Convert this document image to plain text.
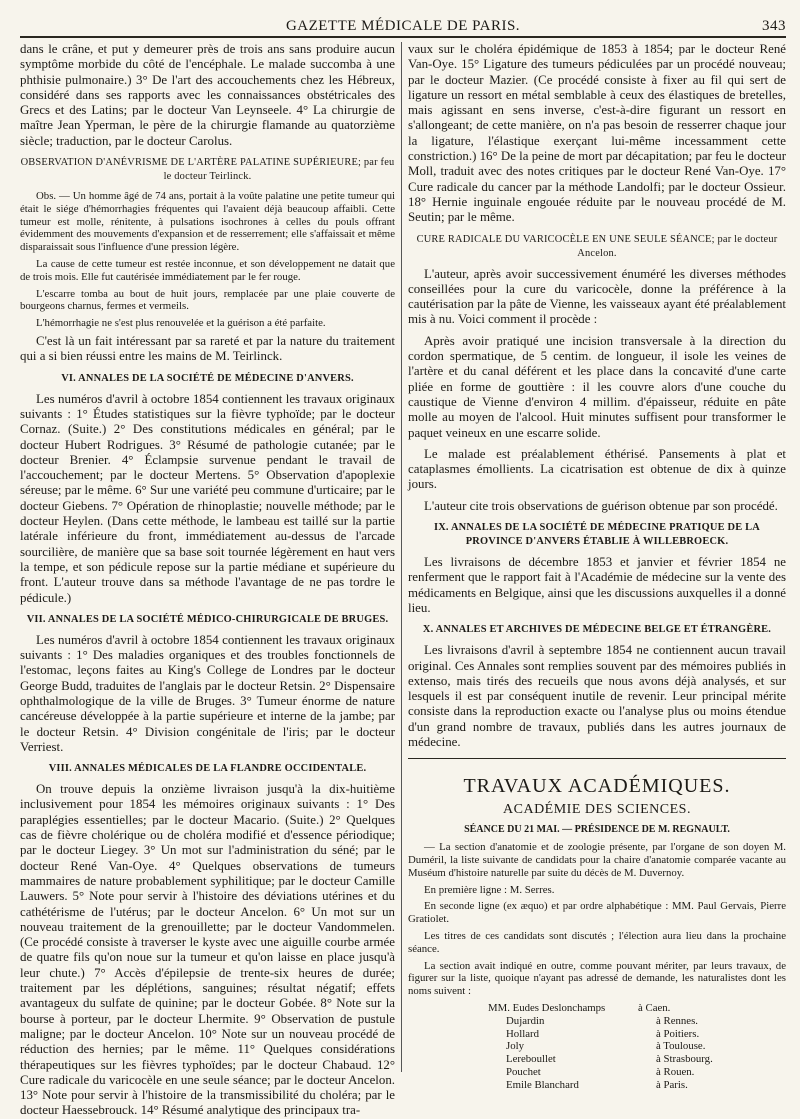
GAZETTE MÉDICALE DE PARIS.	343

dans le crâne, et put y demeurer près de trois ans sans produire aucun symptôme morbide du côté de l'encéphale. Le malade succomba à une phthisie pulmonaire.) 3° De l'art des accouchements chez les Hébreux, considéré dans ses rapports avec les connaissances obstétricales des Grecs et des Latins; par le docteur Van Leynseele. 4° La chirurgie de maître Jean Yperman, le père de la chirurgie flamande au quatorzième siècle; traduction, par le docteur Carolus.

OBSERVATION D'ANÉVRISME DE L'ARTÈRE PALATINE SUPÉRIEURE; par feu le docteur Teirlinck.

Obs. — Un homme âgé de 74 ans, portait à la voûte palatine une petite tumeur qui était le siége d'hémorrhagies fréquentes qui l'avaient déjà beaucoup affaibli. Cette tumeur est molle, rénitente, à pulsations isochrones à celles du pouls offrant évidemment des mouvements d'expansion et de resserrement; elle s'affaissait et même disparaissait sous l'influence d'une pression légère.

La cause de cette tumeur est restée inconnue, et son développement ne datait que de trois mois. Elle fut cautérisée immédiatement par le fer rouge.

L'escarre tomba au bout de huit jours, remplacée par une plaie couverte de bourgeons charnus, fermes et vermeils.

L'hémorrhagie ne s'est plus renouvelée et la guérison a été parfaite.

C'est là un fait intéressant par sa rareté et par la nature du traitement qui a si bien réussi entre les mains de M. Teirlinck.

VI. ANNALES DE LA SOCIÉTÉ DE MÉDECINE D'ANVERS.

Les numéros d'avril à octobre 1854 contiennent les travaux originaux suivants : 1° Études statistiques sur la fièvre typhoïde; par le docteur Cornaz. (Suite.) 2° Des constitutions médicales en général; par le docteur Hubert Rodrigues. 3° Résumé de pathologie cutanée; par le docteur Brenier. 4° Éclampsie survenue pendant le travail de l'accouchement; par le docteur Mertens. 5° Observation d'apoplexie séreuse; par le même. 6° Sur une variété peu commune d'urticaire; par le docteur Giebens. 7° Opération de rhinoplastie; nouvelle méthode; par le docteur Heylen. (Dans cette méthode, le lambeau est taillé sur la partie latérale inférieure du front, immédiatement au-dessus de l'arcade sourcilière, de manière que sa base soit tournée légèrement en haut vers la tempe, et son pédicule repose sur la partie médiane et supérieure du front. L'auteur trouve dans sa méthode l'avantage de ne pas tordre le pédicule.)

VII. ANNALES DE LA SOCIÉTÉ MÉDICO-CHIRURGICALE DE BRUGES.

Les numéros d'avril à octobre 1854 contiennent les travaux originaux suivants : 1° Des maladies organiques et des troubles fonctionnels de l'estomac, leçons faites au King's College de Londres par le docteur George Budd, traduites de l'anglais par le docteur Retsin. 2° Dispensaire ophthalmologique de la ville de Bruges. 3° Tumeur énorme de nature cancéreuse développée à la partie supérieure et interne de la jambe; par le docteur Retsin. 4° Division congénitale de l'iris; par le docteur Verriest.

VIII. ANNALES MÉDICALES DE LA FLANDRE OCCIDENTALE.

On trouve depuis la onzième livraison jusqu'à la dix-huitième inclusivement pour 1854 les mémoires originaux suivants : 1° Des paraplégies essentielles; par le docteur Macario. (Suite.) 2° Quelques cas de fièvre cholérique ou de choléra modifié et d'essence périodique; par le docteur Liegey. 3° Un mot sur l'administration du séné; par le docteur René Van-Oye. 4° Quelques observations de tumeurs mammaires de nature probablement syphilitique; par le docteur Camille Lauwers. 5° Note pour servir à l'histoire des déviations utérines et du cathétérisme de l'utérus; par le docteur Ancelon. 6° Un mot sur un nouveau traitement de la grenouillette; par le docteur Vandommelen. (Ce procédé consiste à traverser le kyste avec une aiguille courbe armée de quatre fils qu'on noue sur la tumeur et qu'on laisse en place jusqu'à leur chute.) 7° Accès d'épilepsie de trente-six heures de durée; traitement par les déplétions, sanguines; résultat négatif; effets avantageux du sulfate de quinine; par le docteur Gobée. 8° Note sur la bourse à porteur, par le docteur Lhermite. 9° Observation de pustule maligne; par le docteur Ancelon. 10° Note sur un nouveau procédé de réduction des hernies; par le même. 11° Quelques considérations thérapeutiques sur les fièvres typhoïdes; par le docteur Chabaud. 12° Cure radicale du varicocèle en une seule séance; par le docteur Ancelon. 13° Note pour servir à l'histoire de la transmissibilité du choléra; par le docteur Haessebrouck. 14° Résumé analytique des principaux tra-

vaux sur le choléra épidémique de 1853 à 1854; par le docteur René Van-Oye. 15° Ligature des tumeurs pédiculées par un procédé nouveau; par le docteur Mazier. (Ce procédé consiste à fixer au fil qui sert de ligature un ressort en métal semblable à ceux des élastiques de bretelles, mais agissant en sens inverse, c'est-à-dire figurant un ressort en s'allongeant; de cette manière, on n'a pas besoin de resserrer chaque jour la ligature, l'élastique exerçant lui-même incessamment cette constriction.) 16° De la peine de mort par décapitation; par feu le docteur Moll, traduit avec des notes critiques par le docteur René Van-Oye. 17° Cure radicale du cancer par la méthode Landolfi; par le docteur Ossieur. 18° Hernie inguinale engouée réduite par le nouveau procédé de M. Seutin; par le même.

CURE RADICALE DU VARICOCÈLE EN UNE SEULE SÉANCE; par le docteur Ancelon.

L'auteur, après avoir successivement énuméré les diverses méthodes conseillées pour la cure du varicocèle, donne la préférence à la cautérisation par la pâte de Vienne, les vaisseaux ayant été préalablement mis à nu. Voici comment il procède :

Après avoir pratiqué une incision transversale à la direction du cordon spermatique, de 5 centim. de longueur, il isole les veines de l'artère et du canal déférent et les place dans la concavité d'une carte pliée en forme de gouttière : il les couvre alors d'une couche du caustique de Vienne d'environ 4 millim. d'épaisseur, réduite en pâte molle au moyen de l'alcool. Huit minutes suffisent pour transformer le paquet veineux en une escarre solide.

Le malade est préalablement éthérisé. Pansements à plat et cataplasmes émollients. La cicatrisation est obtenue de dix à quinze jours.

L'auteur cite trois observations de guérison obtenue par son procédé.

IX. ANNALES DE LA SOCIÉTÉ DE MÉDECINE PRATIQUE DE LA PROVINCE D'ANVERS ÉTABLIE À WILLEBROECK.

Les livraisons de décembre 1853 et janvier et février 1854 ne renferment que le rapport fait à l'Académie de médecine sur la vente des médicaments en Belgique, ainsi que les discussions auxquelles il a donné lieu.

X. ANNALES ET ARCHIVES DE MÉDECINE BELGE ET ÉTRANGÈRE.

Les livraisons d'avril à septembre 1854 ne contiennent aucun travail original. Ces Annales sont remplies souvent par des mémoires publiés in extenso, mais tirés des recueils que nous avons déjà analysés, et sur lesquels il est par conséquent inutile de revenir. Leur principal mérite consiste dans la reproduction exacte ou l'analyse plus ou moins étendue d'un grand nombre de travaux, publiés dans les autres journaux de médecine.

TRAVAUX ACADÉMIQUES.
ACADÉMIE DES SCIENCES.
SÉANCE DU 21 MAI. — PRÉSIDENCE DE M. REGNAULT.

— La section d'anatomie et de zoologie présente, par l'organe de son doyen M. Duméril, la liste suivante de candidats pour la chaire d'anatomie comparée vacante au Muséum d'histoire naturelle par suite du décès de M. Duvernoy.

En première ligne : M. Serres.

En seconde ligne (ex æquo) et par ordre alphabétique : MM. Paul Gervais, Pierre Gratiolet.

Les titres de ces candidats sont discutés ; l'élection aura lieu dans la prochaine séance.

La section avait indiqué en outre, comme pouvant mériter, par leurs travaux, de figurer sur la liste, quoique n'ayant pas adressé de demande, les naturalistes dont les noms suivent :

MM. Eudes Deslonchamps	à Caen.
Dujardin	à Rennes.
Hollard	à Poitiers.
Joly	à Toulouse.
Lereboullet	à Strasbourg.
Pouchet	à Rouen.
Emile Blanchard	à Paris.
